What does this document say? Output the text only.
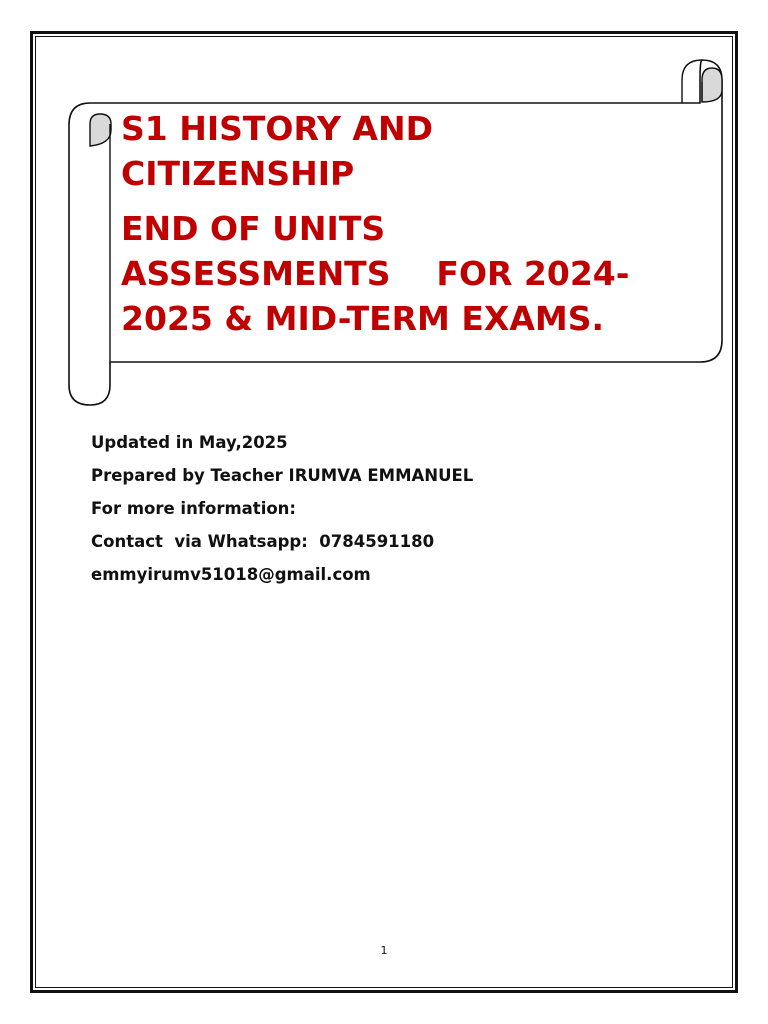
S1 HISTORY AND
CITIZENSHIP
END OF UNITS
ASSESSMENTS    FOR 2024-
2025 & MID-TERM EXAMS.
Updated in May,2025
Prepared by Teacher IRUMVA EMMANUEL
For more information:
Contact  via Whatsapp:  0784591180
emmyirumv51018@gmail.com
1
